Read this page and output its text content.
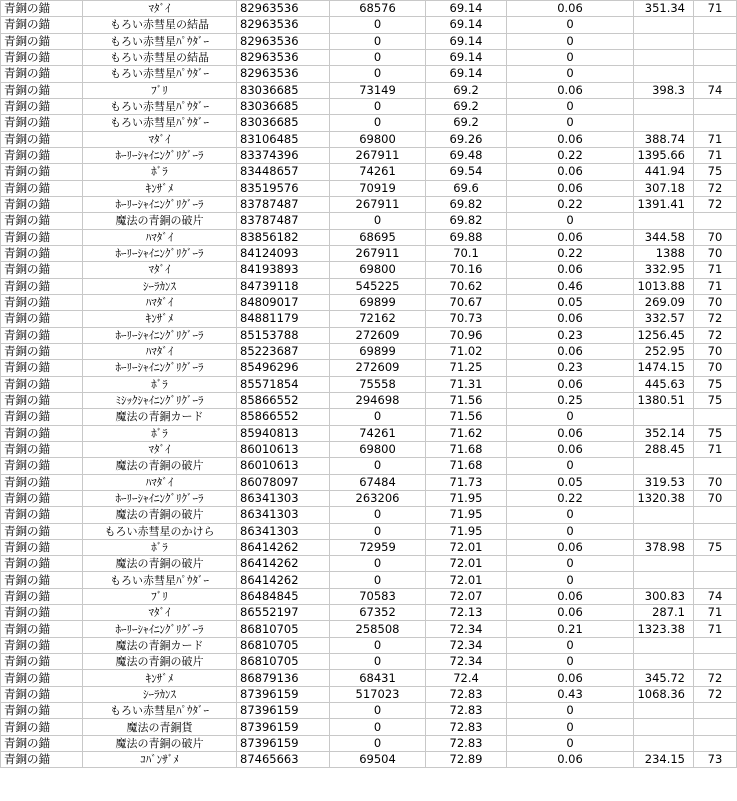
青銅の錨	ﾏﾀﾞｲ	82963536	68576	69.14	0.06	351.34	71
青銅の錨	もろい赤彗星の結晶	82963536	0	69.14	0		
青銅の錨	もろい赤彗星ﾊﾟｳﾀﾞｰ	82963536	0	69.14	0		
青銅の錨	もろい赤彗星の結晶	82963536	0	69.14	0		
青銅の錨	もろい赤彗星ﾊﾟｳﾀﾞｰ	82963536	0	69.14	0		
青銅の錨	ﾌﾞﾘ	83036685	73149	69.2	0.06	398.3	74
青銅の錨	もろい赤彗星ﾊﾟｳﾀﾞｰ	83036685	0	69.2	0		
青銅の錨	もろい赤彗星ﾊﾟｳﾀﾞｰ	83036685	0	69.2	0		
青銅の錨	ﾏﾀﾞｲ	83106485	69800	69.26	0.06	388.74	71
青銅の錨	ﾎｰﾘｰｼｬｲﾆﾝｸﾞﾘｸﾞｰﾗ	83374396	267911	69.48	0.22	1395.66	71
青銅の錨	ﾎﾞﾗ	83448657	74261	69.54	0.06	441.94	75
青銅の錨	ｷﾝｻﾞﾒ	83519576	70919	69.6	0.06	307.18	72
青銅の錨	ﾎｰﾘｰｼｬｲﾆﾝｸﾞﾘｸﾞｰﾗ	83787487	267911	69.82	0.22	1391.41	72
青銅の錨	魔法の青銅の破片	83787487	0	69.82	0		
青銅の錨	ﾊﾏﾀﾞｲ	83856182	68695	69.88	0.06	344.58	70
青銅の錨	ﾎｰﾘｰｼｬｲﾆﾝｸﾞﾘｸﾞｰﾗ	84124093	267911	70.1	0.22	1388	70
青銅の錨	ﾏﾀﾞｲ	84193893	69800	70.16	0.06	332.95	71
青銅の錨	ｼｰﾗｶﾝｽ	84739118	545225	70.62	0.46	1013.88	71
青銅の錨	ﾊﾏﾀﾞｲ	84809017	69899	70.67	0.05	269.09	70
青銅の錨	ｷﾝｻﾞﾒ	84881179	72162	70.73	0.06	332.57	72
青銅の錨	ﾎｰﾘｰｼｬｲﾆﾝｸﾞﾘｸﾞｰﾗ	85153788	272609	70.96	0.23	1256.45	72
青銅の錨	ﾊﾏﾀﾞｲ	85223687	69899	71.02	0.06	252.95	70
青銅の錨	ﾎｰﾘｰｼｬｲﾆﾝｸﾞﾘｸﾞｰﾗ	85496296	272609	71.25	0.23	1474.15	70
青銅の錨	ﾎﾞﾗ	85571854	75558	71.31	0.06	445.63	75
青銅の錨	ﾐｼｯｸｼｬｲﾆﾝｸﾞﾘｸﾞｰﾗ	85866552	294698	71.56	0.25	1380.51	75
青銅の錨	魔法の青銅カード	85866552	0	71.56	0		
青銅の錨	ﾎﾞﾗ	85940813	74261	71.62	0.06	352.14	75
青銅の錨	ﾏﾀﾞｲ	86010613	69800	71.68	0.06	288.45	71
青銅の錨	魔法の青銅の破片	86010613	0	71.68	0		
青銅の錨	ﾊﾏﾀﾞｲ	86078097	67484	71.73	0.05	319.53	70
青銅の錨	ﾎｰﾘｰｼｬｲﾆﾝｸﾞﾘｸﾞｰﾗ	86341303	263206	71.95	0.22	1320.38	70
青銅の錨	魔法の青銅の破片	86341303	0	71.95	0		
青銅の錨	もろい赤彗星のかけら	86341303	0	71.95	0		
青銅の錨	ﾎﾞﾗ	86414262	72959	72.01	0.06	378.98	75
青銅の錨	魔法の青銅の破片	86414262	0	72.01	0		
青銅の錨	もろい赤彗星ﾊﾟｳﾀﾞｰ	86414262	0	72.01	0		
青銅の錨	ﾌﾞﾘ	86484845	70583	72.07	0.06	300.83	74
青銅の錨	ﾏﾀﾞｲ	86552197	67352	72.13	0.06	287.1	71
青銅の錨	ﾎｰﾘｰｼｬｲﾆﾝｸﾞﾘｸﾞｰﾗ	86810705	258508	72.34	0.21	1323.38	71
青銅の錨	魔法の青銅カード	86810705	0	72.34	0		
青銅の錨	魔法の青銅の破片	86810705	0	72.34	0		
青銅の錨	ｷﾝｻﾞﾒ	86879136	68431	72.4	0.06	345.72	72
青銅の錨	ｼｰﾗｶﾝｽ	87396159	517023	72.83	0.43	1068.36	72
青銅の錨	もろい赤彗星ﾊﾟｳﾀﾞｰ	87396159	0	72.83	0		
青銅の錨	魔法の青銅貨	87396159	0	72.83	0		
青銅の錨	魔法の青銅の破片	87396159	0	72.83	0		
青銅の錨	ｺﾊﾞﾝｻﾞﾒ	87465663	69504	72.89	0.06	234.15	73
